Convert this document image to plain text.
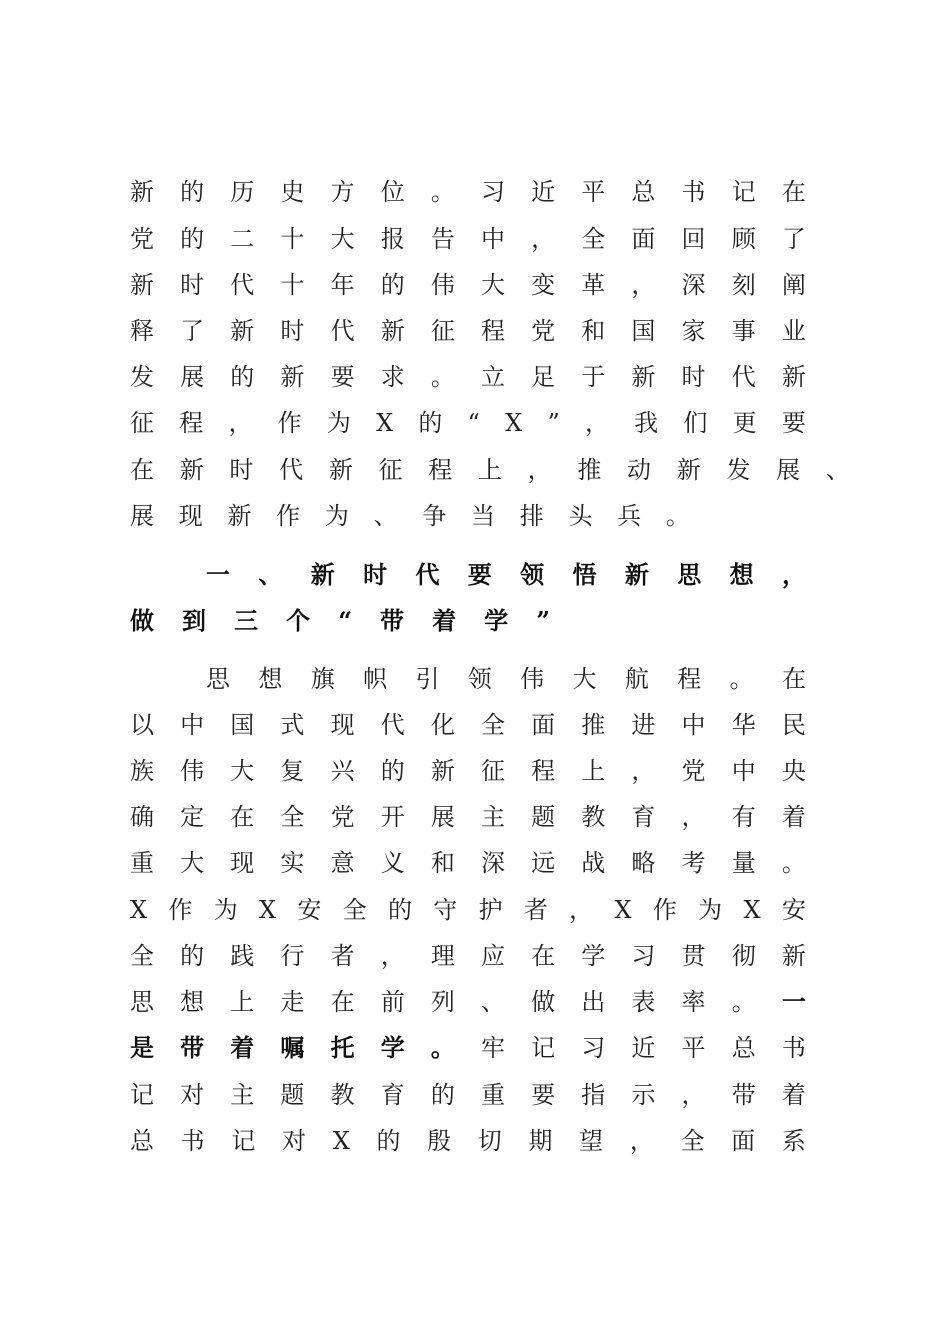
新 的 历 史 方 位 。 习 近 平 总 书 记 在
党 的 二 十 大 报 告 中 ， 全 面 回 顾 了
新 时 代 十 年 的 伟 大 变 革 ， 深 刻 阐
释 了 新 时 代 新 征 程 党 和 国 家 事 业
发 展 的 新 要 求 。 立 足 于 新 时 代 新
征 程 ， 作 为 X 的 “ X ” ， 我 们 更 要
在 新 时 代 新 征 程 上 ， 推 动 新 发 展 、
展 现 新 作 为 、 争 当 排 头 兵 。
一 、 新 时 代 要 领 悟 新 思 想 ，
做 到 三 个 “ 带 着 学 ”
思 想 旗 帜 引 领 伟 大 航 程 。 在
以 中 国 式 现 代 化 全 面 推 进 中 华 民
族 伟 大 复 兴 的 新 征 程 上 ， 党 中 央
确 定 在 全 党 开 展 主 题 教 育 ， 有 着
重 大 现 实 意 义 和 深 远 战 略 考 量 。
X 作 为 X 安 全 的 守 护 者 ， X 作 为 X 安
全 的 践 行 者 ， 理 应 在 学 习 贯 彻 新
思 想 上 走 在 前 列 、 做 出 表 率 。 一
是 带 着 嘱 托 学 。 牢 记 习 近 平 总 书
记 对 主 题 教 育 的 重 要 指 示 ， 带 着
总 书 记 对 X 的 殷 切 期 望 ， 全 面 系
